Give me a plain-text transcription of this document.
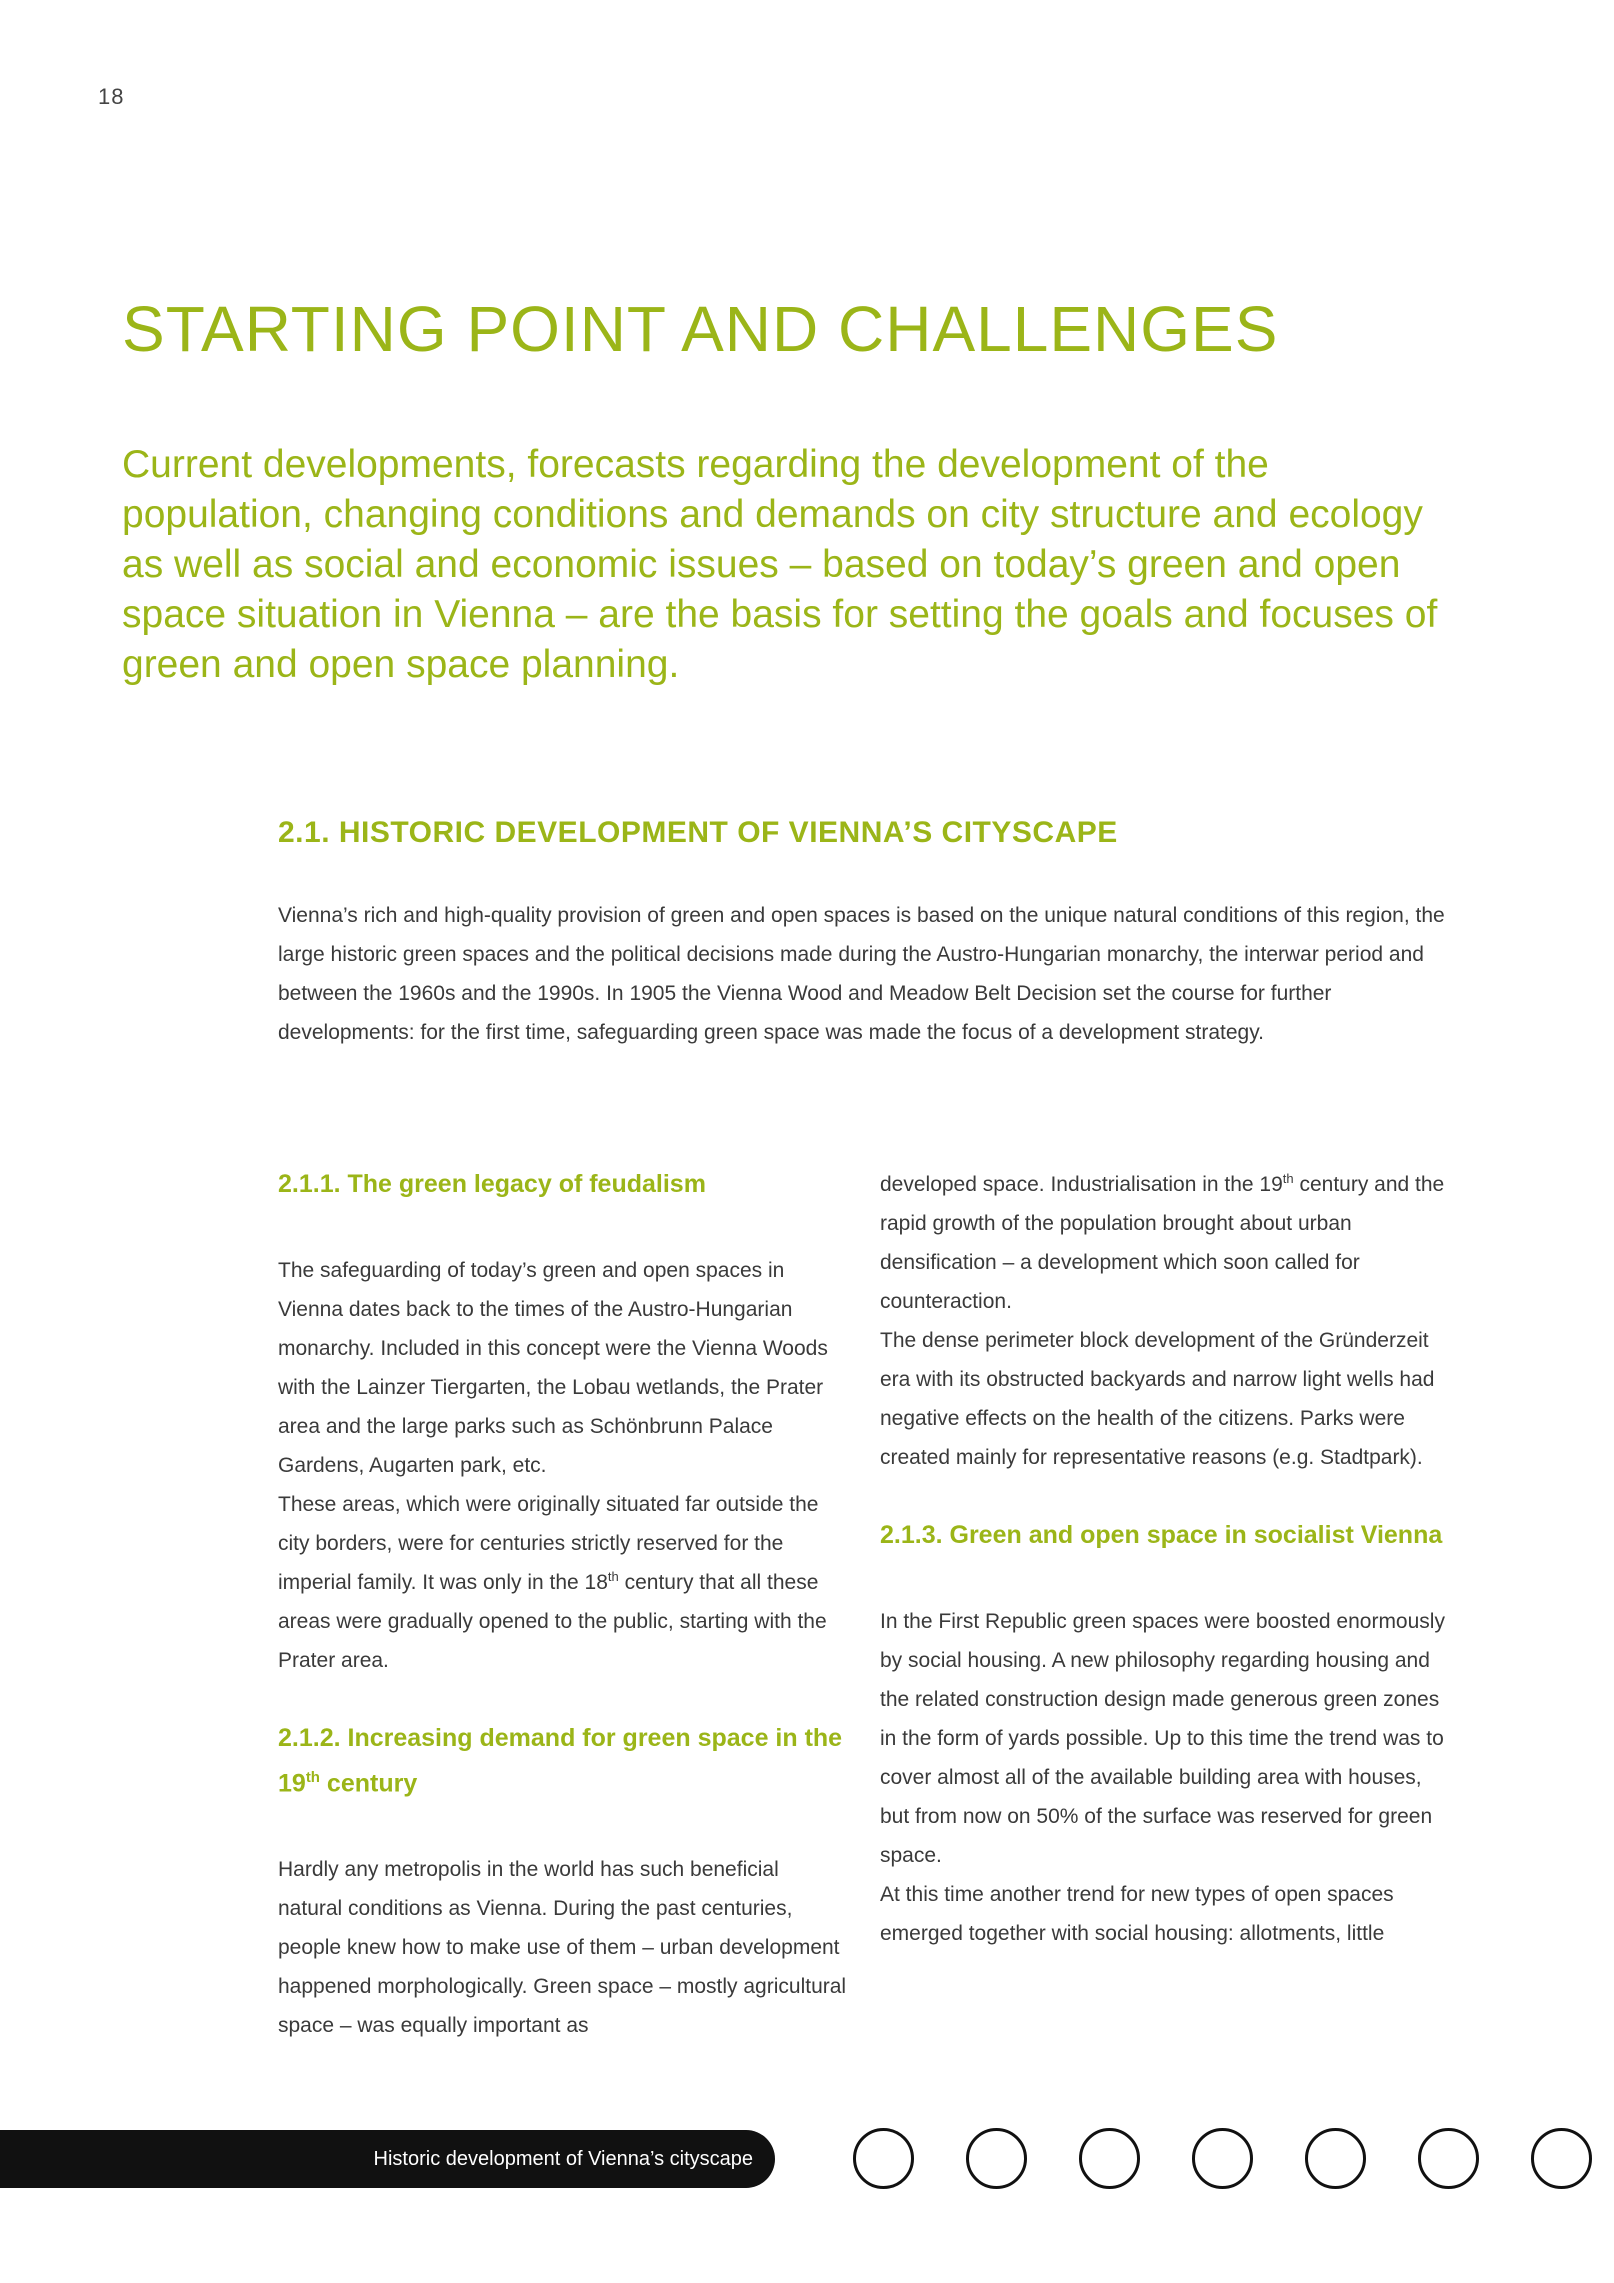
18
STARTING POINT AND CHALLENGES

Current developments, forecasts regarding the development of the population, changing conditions and demands on city structure and ecology as well as social and economic issues – based on today’s green and open space situation in Vienna – are the basis for setting the goals and focuses of green and open space planning.

2.1. HISTORIC DEVELOPMENT OF VIENNA’S CITYSCAPE

Vienna’s rich and high-quality provision of green and open spaces is based on the unique natural conditions of this region, the large historic green spaces and the political decisions made during the Austro-Hungarian monarchy, the interwar period and between the 1960s and the 1990s. In 1905 the Vienna Wood and Meadow Belt Decision set the course for further developments: for the first time, safeguarding green space was made the focus of a development strategy.

2.1.1. The green legacy of feudalism

The safeguarding of today’s green and open spaces in Vienna dates back to the times of the Austro-Hungarian monarchy. Included in this concept were the Vienna Woods with the Lainzer Tiergarten, the Lobau wetlands, the Prater area and the large parks such as Schönbrunn Palace Gardens, Augarten park, etc.

These areas, which were originally situated far outside the city borders, were for centuries strictly reserved for the imperial family. It was only in the 18th century that all these areas were gradually opened to the public, starting with the Prater area.

2.1.2. Increasing demand for green space in the 19th century

Hardly any metropolis in the world has such beneficial natural conditions as Vienna. During the past centuries, people knew how to make use of them – urban development happened morphologically. Green space – mostly agricultural space – was equally important as

developed space. Industrialisation in the 19th century and the rapid growth of the population brought about urban densification – a development which soon called for counteraction.

The dense perimeter block development of the Gründerzeit era with its obstructed backyards and narrow light wells had negative effects on the health of the citizens. Parks were created mainly for representative reasons (e.g. Stadtpark).

2.1.3. Green and open space in socialist Vienna

In the First Republic green spaces were boosted enormously by social housing. A new philosophy regarding housing and the related construction design made generous green zones in the form of yards possible. Up to this time the trend was to cover almost all of the available building area with houses, but from now on 50% of the surface was reserved for green space.

At this time another trend for new types of open spaces emerged together with social housing: allotments, little

Historic development of Vienna’s cityscape
